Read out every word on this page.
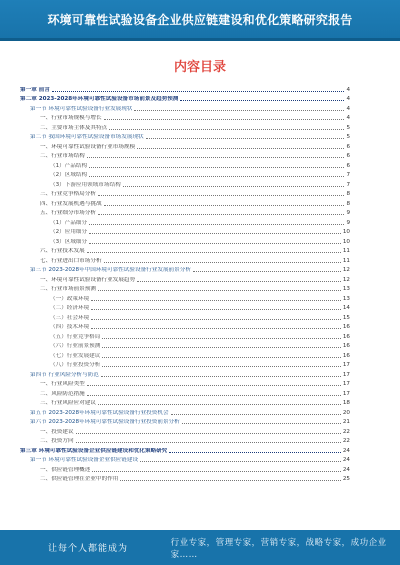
环境可靠性试验设备企业供应链建设和优化策略研究报告
内容目录
第一章 前言	4
第二章 2023-2028年环境可靠性试验设备市场前景及趋势预测	4
第一节 环境可靠性试验设备行业发展现状	4
一、行业市场规模与增长	4
二、主要市场主体及其特点	5
第二节 我国环境可靠性试验设备市场发展现状	5
一、环境可靠性试验设备行业市场规模	6
二、行业市场结构	6
（1）产品结构	6
（2）区域结构	7
（3）下游应用领域市场结构	7
三、行业竞争格局分析	8
四、行业发展机遇与挑战	8
五、行业细分市场分析	9
（1）产品细分	9
（2）应用细分	10
（3）区域细分	10
六、行业技术发展	11
七、行业进出口市场分析	11
第三节 2023-2028年中国环境可靠性试验设备行业发展前景分析	12
一、环境可靠性试验设备行业发展趋势	12
二、行业市场前景预测	13
（一）政策环境	13
（二）经济环境	14
（三）社会环境	15
（四）技术环境	16
（五）行业竞争格局	16
（六）行业前景预测	16
（七）行业发展建议	16
（八）行业投资分析	17
第四节 行业风险分析与防范	17
一、行业风险类型	17
二、风险防范措施	17
三、行业风险应对建议	18
第五节 2023-2028年环境可靠性试验设备行业投资机会	20
第六节 2023-2028年环境可靠性试验设备行业投资前景分析	21
一、投资建议	22
二、投资方向	22
第三章 环境可靠性试验设备企业供应链建设和优化策略研究	24
第一节 环境可靠性试验设备企业供应链建设	24
一、供应链管理概述	24
二、供应链管理在企业中的作用	25
让每个人都能成为
行业专家，管理专家，营销专家，战略专家，成功企业家……
